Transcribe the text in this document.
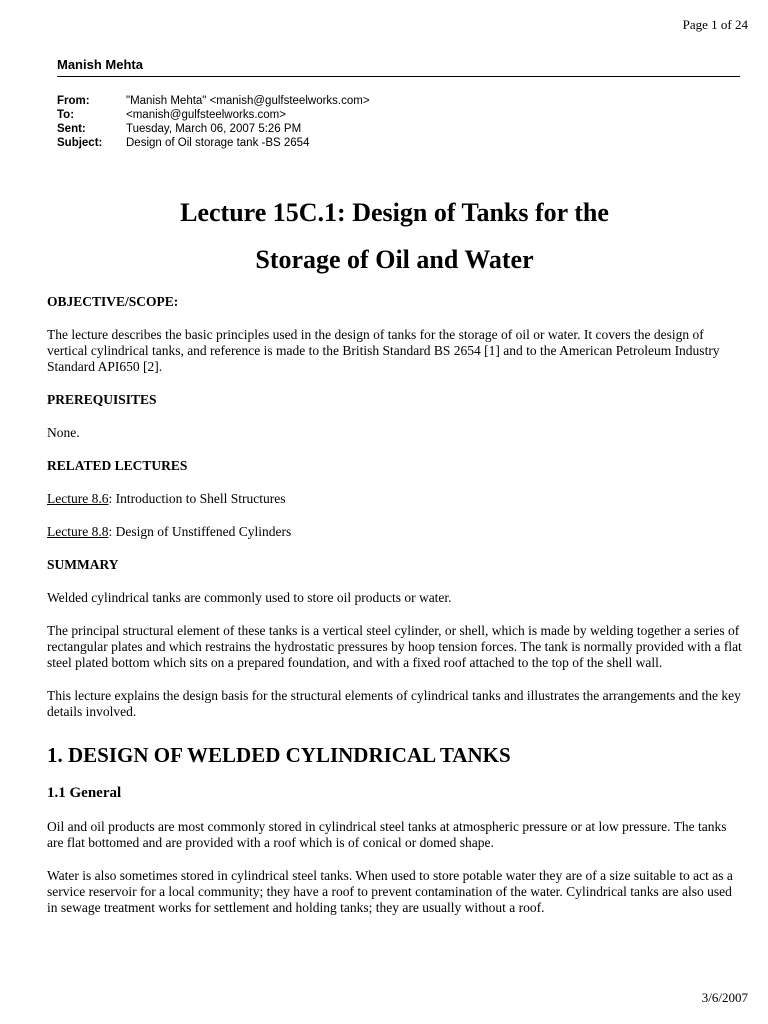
Page 1 of 24
Manish Mehta
From:	"Manish Mehta" <manish@gulfsteelworks.com>
To:	<manish@gulfsteelworks.com>
Sent:	Tuesday, March 06, 2007 5:26 PM
Subject:	Design of Oil storage tank -BS 2654
Lecture 15C.1: Design of Tanks for the
Storage of Oil and Water
OBJECTIVE/SCOPE:

The lecture describes the basic principles used in the design of tanks for the storage of oil or water. It covers the design of vertical cylindrical tanks, and reference is made to the British Standard BS 2654 [1] and to the American Petroleum Industry Standard API650 [2].

PREREQUISITES

None.

RELATED LECTURES

Lecture 8.6: Introduction to Shell Structures

Lecture 8.8: Design of Unstiffened Cylinders

SUMMARY

Welded cylindrical tanks are commonly used to store oil products or water.

The principal structural element of these tanks is a vertical steel cylinder, or shell, which is made by welding together a series of rectangular plates and which restrains the hydrostatic pressures by hoop tension forces. The tank is normally provided with a flat steel plated bottom which sits on a prepared foundation, and with a fixed roof attached to the top of the shell wall.

This lecture explains the design basis for the structural elements of cylindrical tanks and illustrates the arrangements and the key details involved.

1. DESIGN OF WELDED CYLINDRICAL TANKS
1.1 General

Oil and oil products are most commonly stored in cylindrical steel tanks at atmospheric pressure or at low pressure. The tanks are flat bottomed and are provided with a roof which is of conical or domed shape.

Water is also sometimes stored in cylindrical steel tanks. When used to store potable water they are of a size suitable to act as a service reservoir for a local community; they have a roof to prevent contamination of the water. Cylindrical tanks are also used in sewage treatment works for settlement and holding tanks; they are usually without a roof.

3/6/2007
